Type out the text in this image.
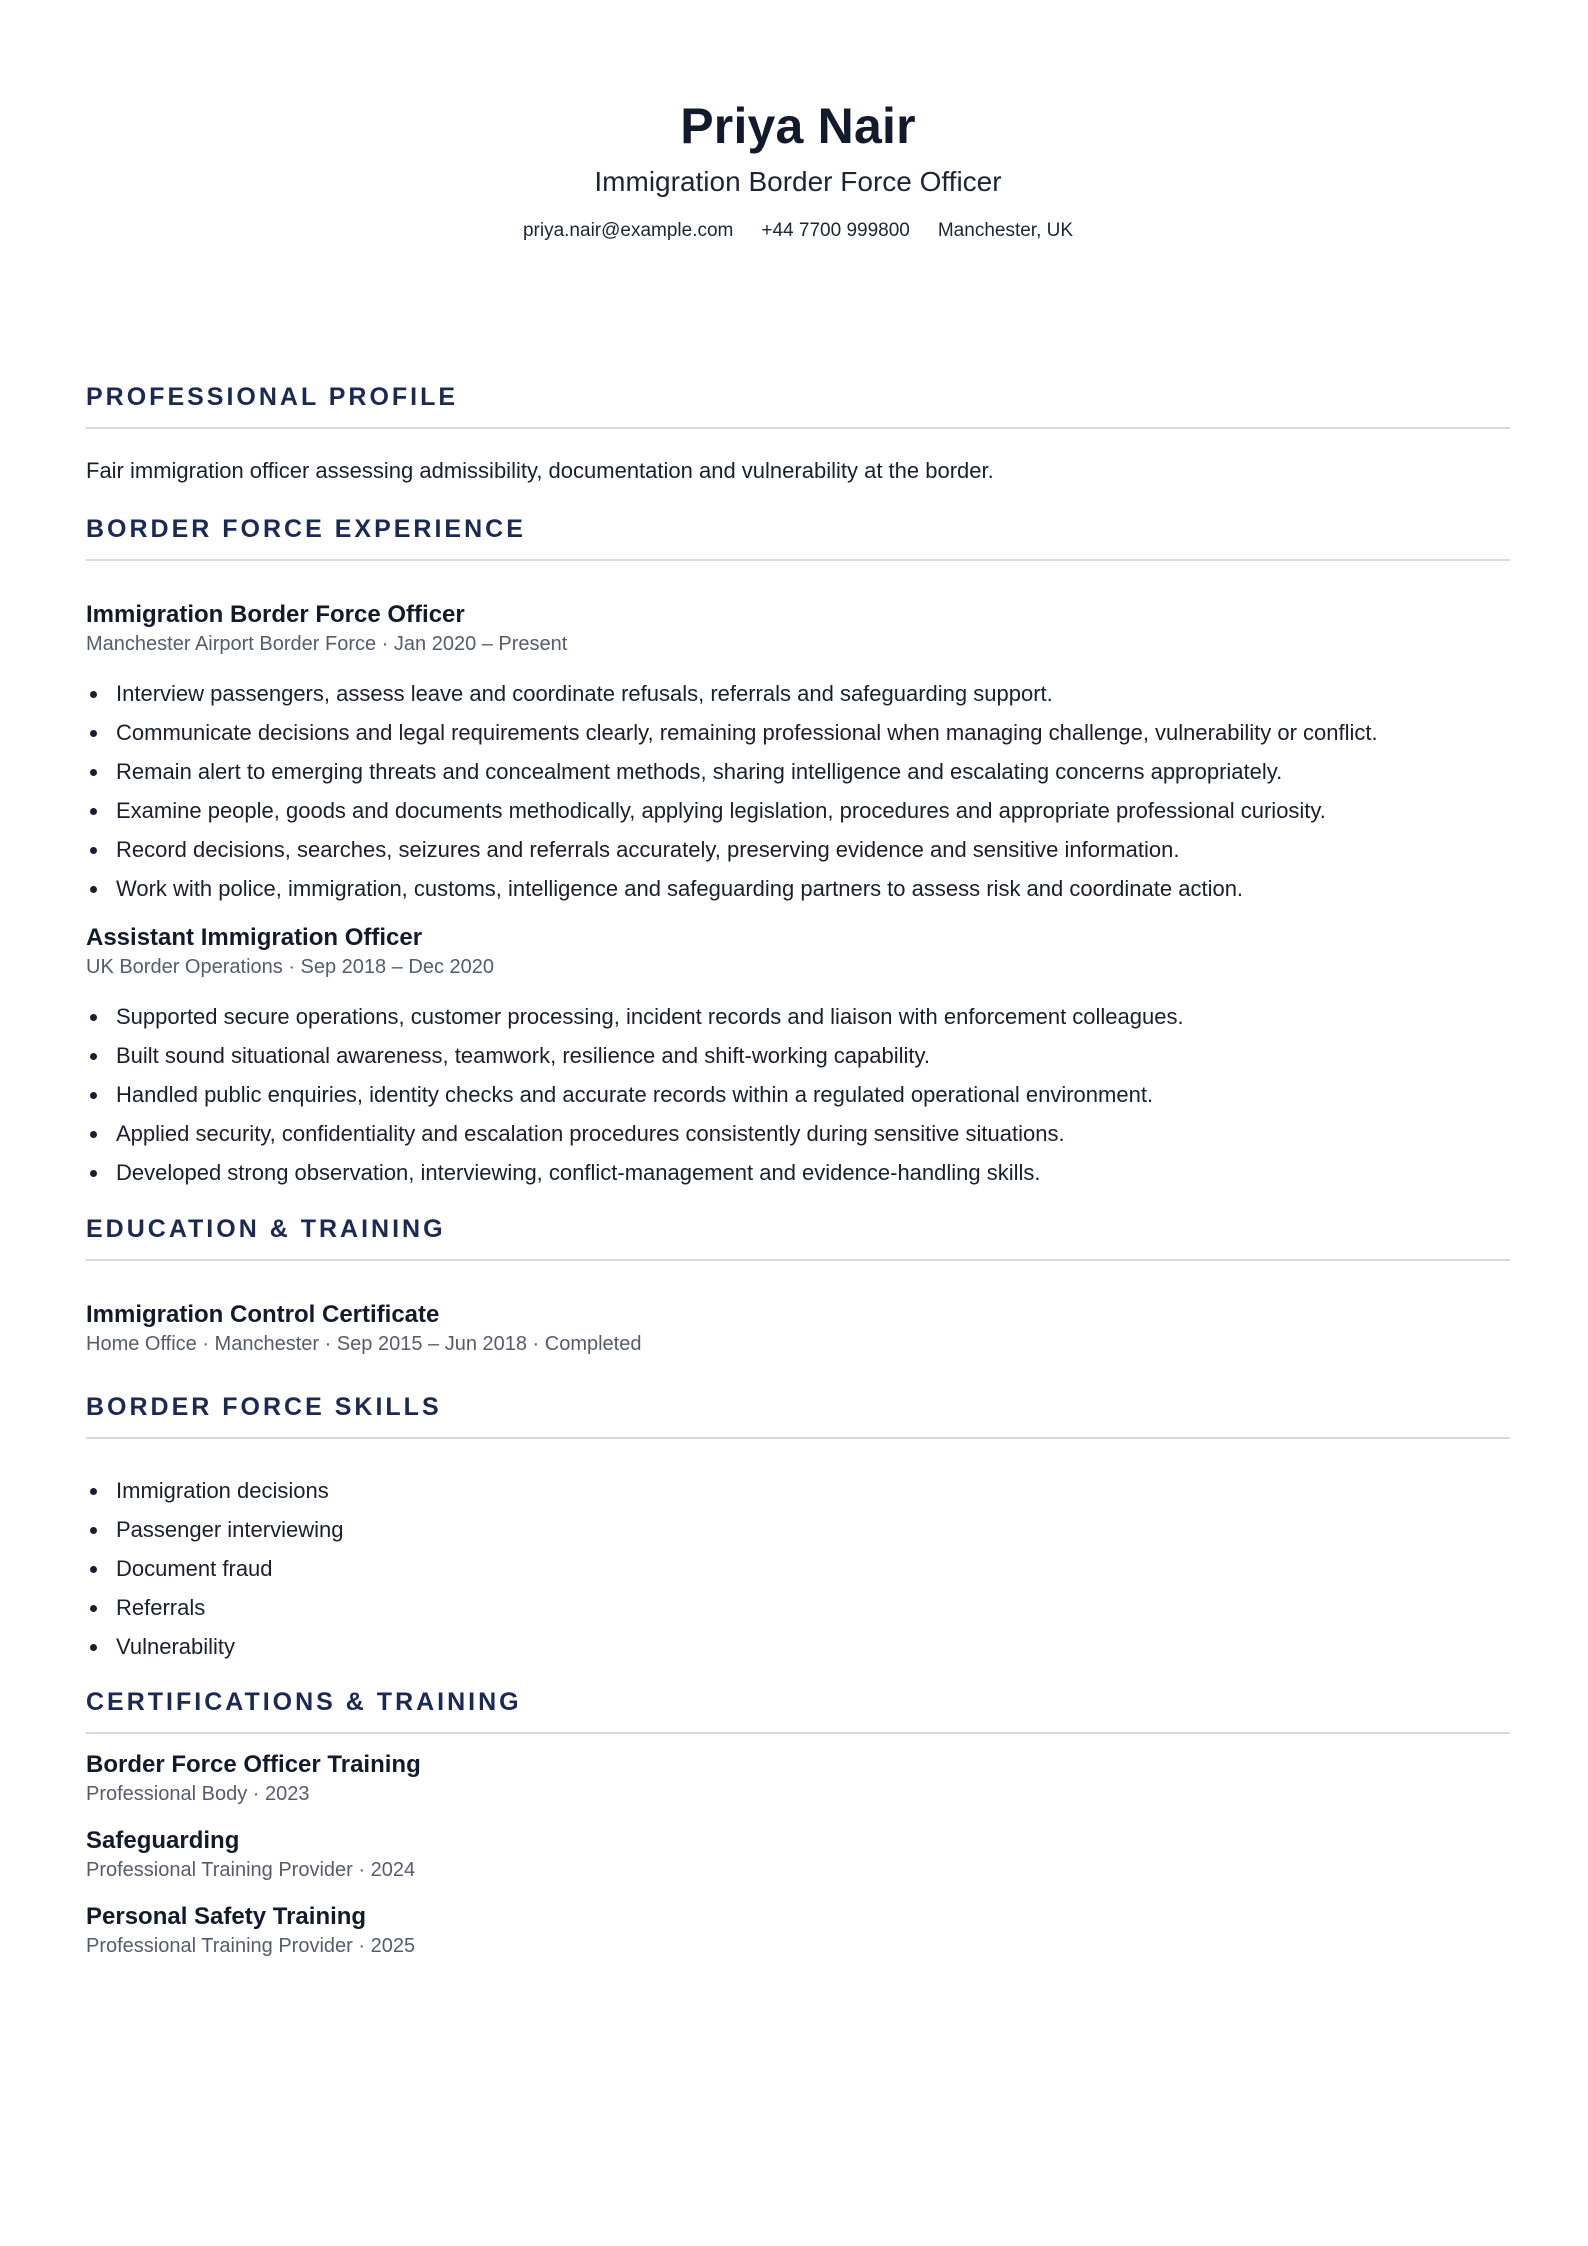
Priya Nair
Immigration Border Force Officer
priya.nair@example.com +44 7700 999800 Manchester, UK
PROFESSIONAL PROFILE
Fair immigration officer assessing admissibility, documentation and vulnerability at the border.
BORDER FORCE EXPERIENCE
Immigration Border Force Officer
Manchester Airport Border Force · Jan 2020 – Present
Interview passengers, assess leave and coordinate refusals, referrals and safeguarding support.
Communicate decisions and legal requirements clearly, remaining professional when managing challenge, vulnerability or conflict.
Remain alert to emerging threats and concealment methods, sharing intelligence and escalating concerns appropriately.
Examine people, goods and documents methodically, applying legislation, procedures and appropriate professional curiosity.
Record decisions, searches, seizures and referrals accurately, preserving evidence and sensitive information.
Work with police, immigration, customs, intelligence and safeguarding partners to assess risk and coordinate action.
Assistant Immigration Officer
UK Border Operations · Sep 2018 – Dec 2020
Supported secure operations, customer processing, incident records and liaison with enforcement colleagues.
Built sound situational awareness, teamwork, resilience and shift-working capability.
Handled public enquiries, identity checks and accurate records within a regulated operational environment.
Applied security, confidentiality and escalation procedures consistently during sensitive situations.
Developed strong observation, interviewing, conflict-management and evidence-handling skills.
EDUCATION & TRAINING
Immigration Control Certificate
Home Office · Manchester · Sep 2015 – Jun 2018 · Completed
BORDER FORCE SKILLS
Immigration decisions
Passenger interviewing
Document fraud
Referrals
Vulnerability
CERTIFICATIONS & TRAINING
Border Force Officer Training
Professional Body · 2023
Safeguarding
Professional Training Provider · 2024
Personal Safety Training
Professional Training Provider · 2025
